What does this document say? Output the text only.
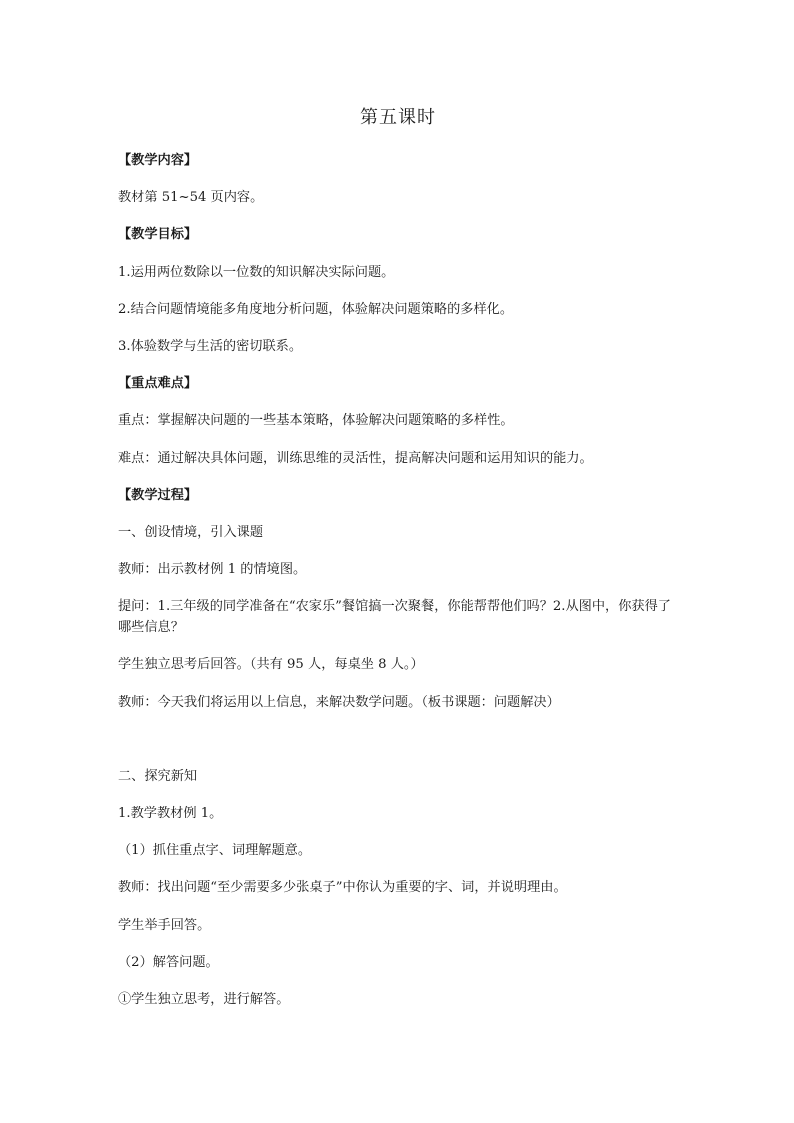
第五课时
【教学内容】
教材第 51~54 页内容。
【教学目标】
1.运用两位数除以一位数的知识解决实际问题。
2.结合问题情境能多角度地分析问题，体验解决问题策略的多样化。
3.体验数学与生活的密切联系。
【重点难点】
重点：掌握解决问题的一些基本策略，体验解决问题策略的多样性。
难点：通过解决具体问题，训练思维的灵活性，提高解决问题和运用知识的能力。
【教学过程】
一、创设情境，引入课题
教师：出示教材例 1 的情境图。
提问：1.三年级的同学准备在“农家乐”餐馆搞一次聚餐，你能帮帮他们吗？2.从图中，你获得了哪些信息？
学生独立思考后回答。（共有 95 人，每桌坐 8 人。）
教师：今天我们将运用以上信息，来解决数学问题。（板书课题：问题解决）
二、探究新知
1.教学教材例 1。
（1）抓住重点字、词理解题意。
教师：找出问题“至少需要多少张桌子”中你认为重要的字、词，并说明理由。
学生举手回答。
（2）解答问题。
①学生独立思考，进行解答。
